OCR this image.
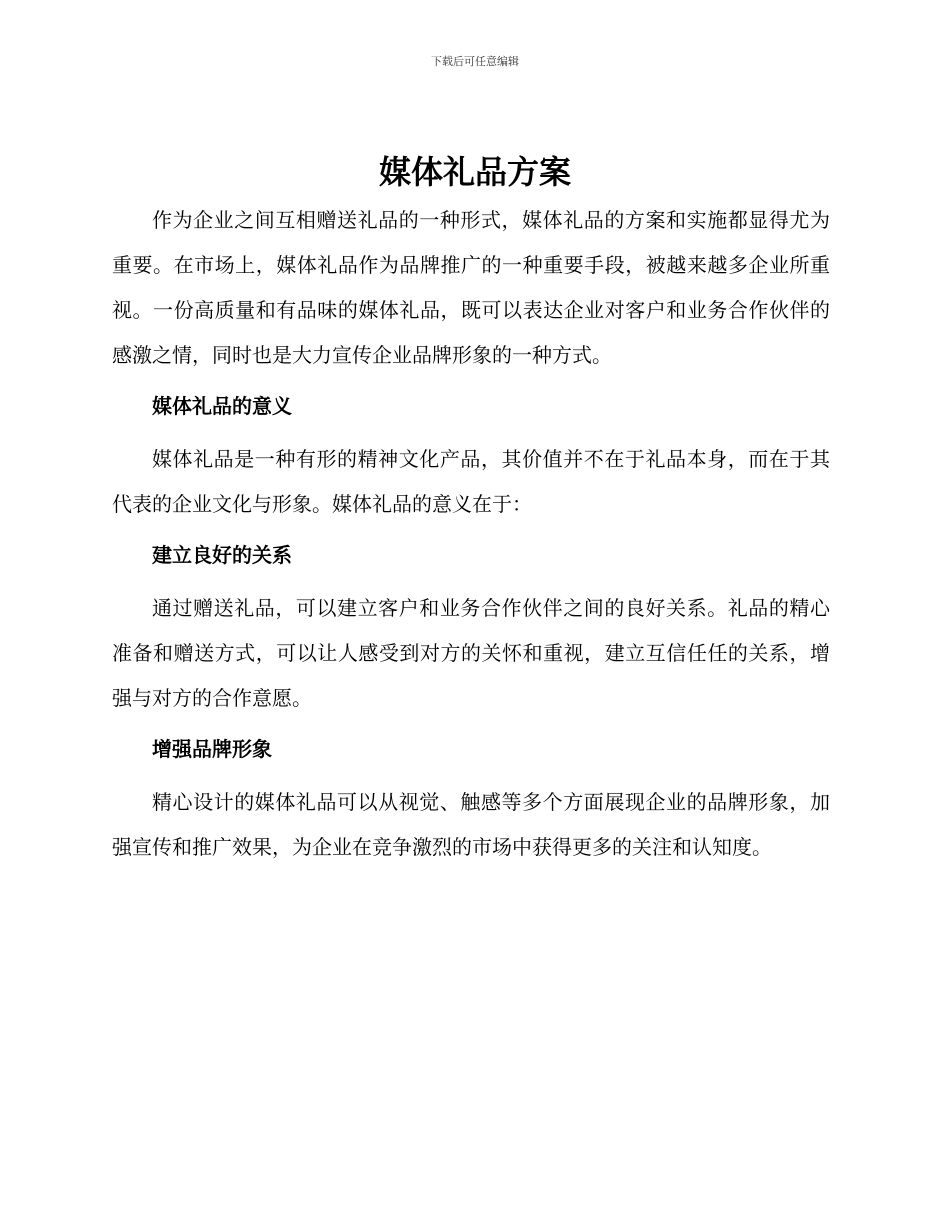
下载后可任意编辑
媒体礼品方案

作为企业之间互相赠送礼品的一种形式，媒体礼品的方案和实施都显得尤为重要。在市场上，媒体礼品作为品牌推广的一种重要手段，被越来越多企业所重视。一份高质量和有品味的媒体礼品，既可以表达企业对客户和业务合作伙伴的感激之情，同时也是大力宣传企业品牌形象的一种方式。

媒体礼品的意义

媒体礼品是一种有形的精神文化产品，其价值并不在于礼品本身，而在于其代表的企业文化与形象。媒体礼品的意义在于：

建立良好的关系

通过赠送礼品，可以建立客户和业务合作伙伴之间的良好关系。礼品的精心准备和赠送方式，可以让人感受到对方的关怀和重视，建立互信任任的关系，增强与对方的合作意愿。

增强品牌形象

精心设计的媒体礼品可以从视觉、触感等多个方面展现企业的品牌形象，加强宣传和推广效果，为企业在竞争激烈的市场中获得更多的关注和认知度。
